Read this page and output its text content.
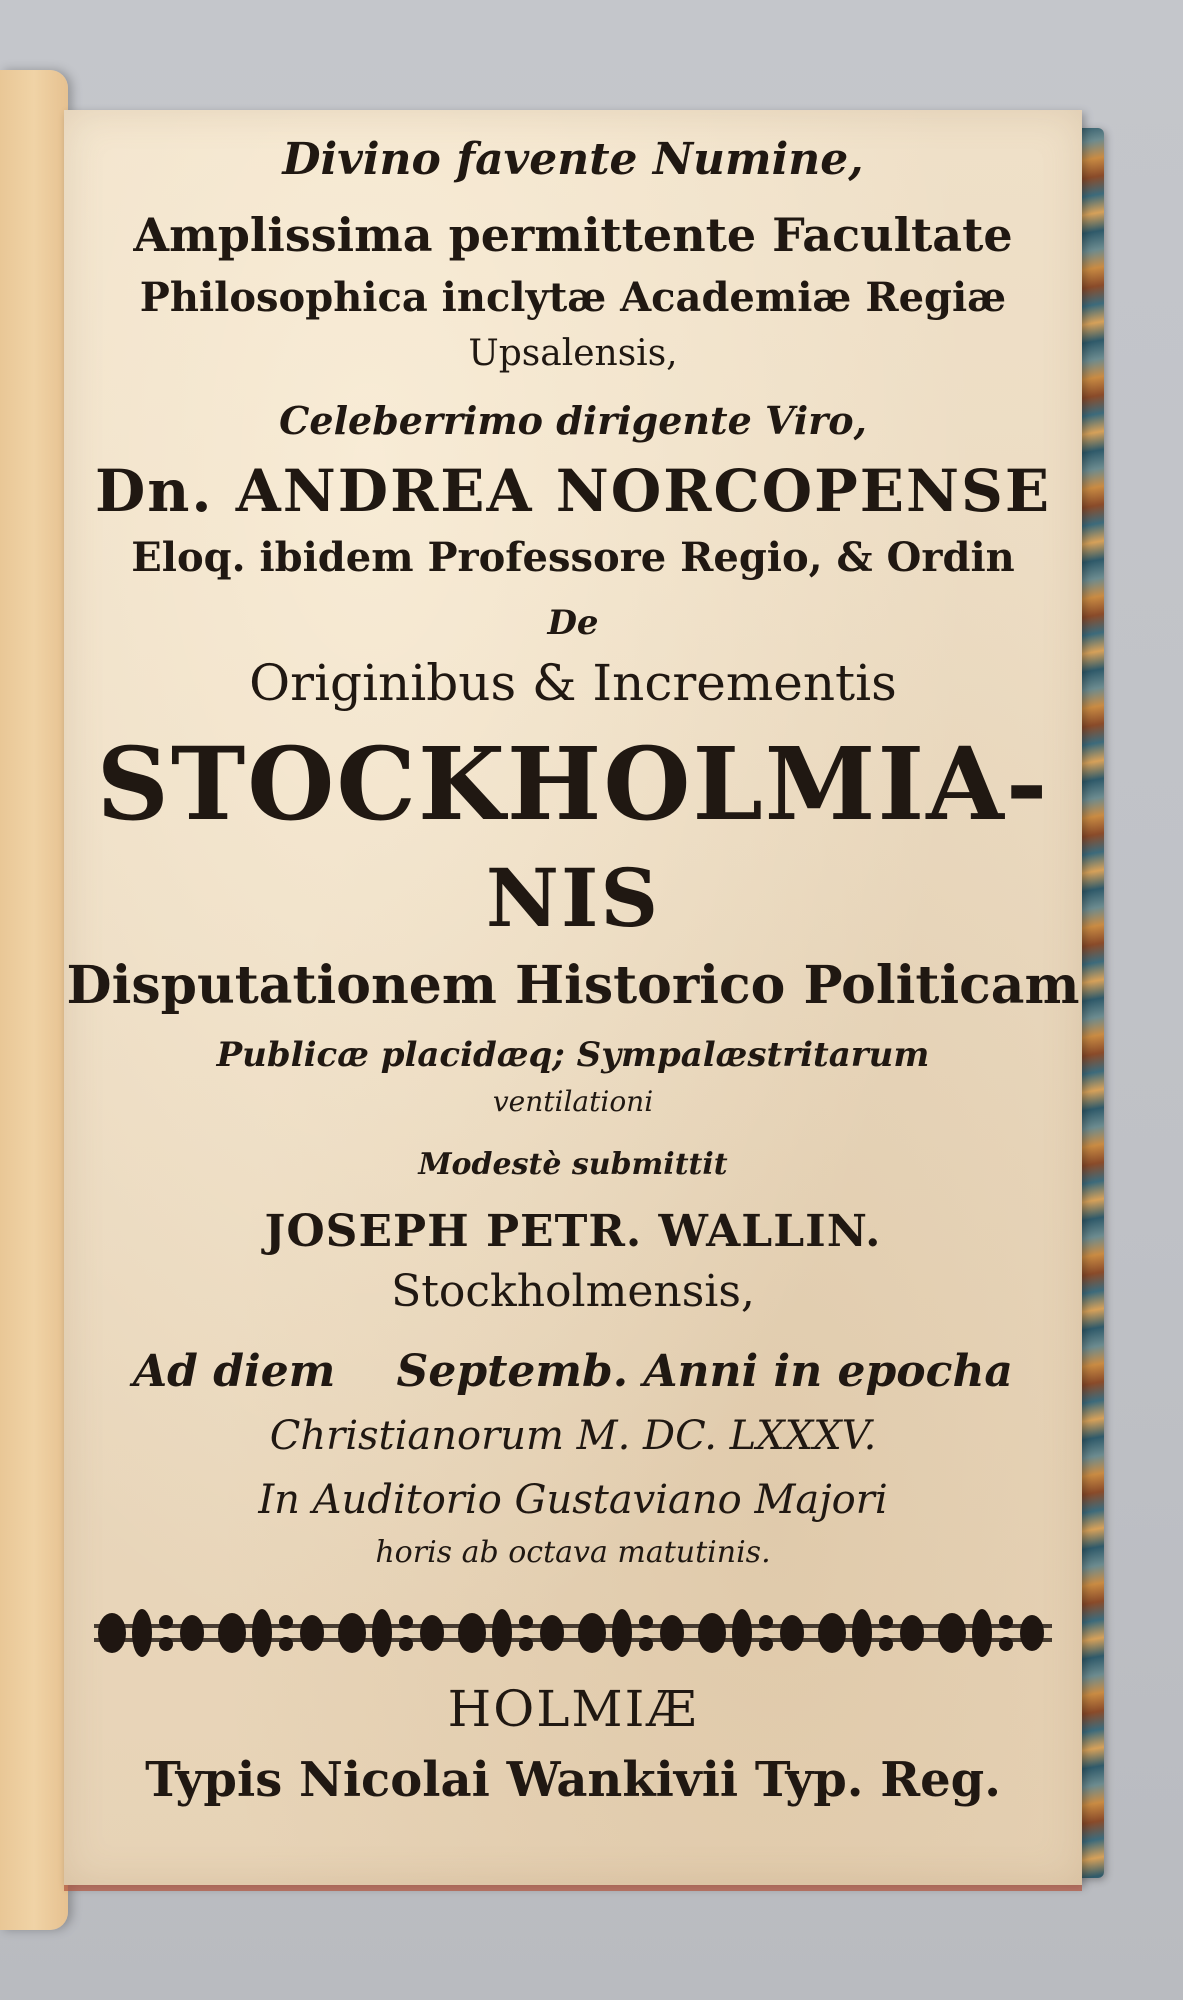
Divino favente Numine,
Amplissima permittente Facultate
Philosophica inclytæ Academiæ Regiæ
Upsalensis,
Celeberrimo dirigente Viro,
Dn. ANDREA NORCOPENSE
Eloq. ibidem Professore Regio, & Ordin
De
Originibus & Incrementis
STOCKHOLMIA-
NIS
Disputationem Historico Politicam
Publicæ placidæq; Sympalæstritarum
ventilationi
Modestè submittit
JOSEPH PETR. WALLIN.
Stockholmensis,
Ad diem    Septemb. Anni in epocha
Christianorum M. DC. LXXXV.
In Auditorio Gustaviano Majori
horis ab octava matutinis.
HOLMIÆ
Typis Nicolai Wankivii Typ. Reg.
